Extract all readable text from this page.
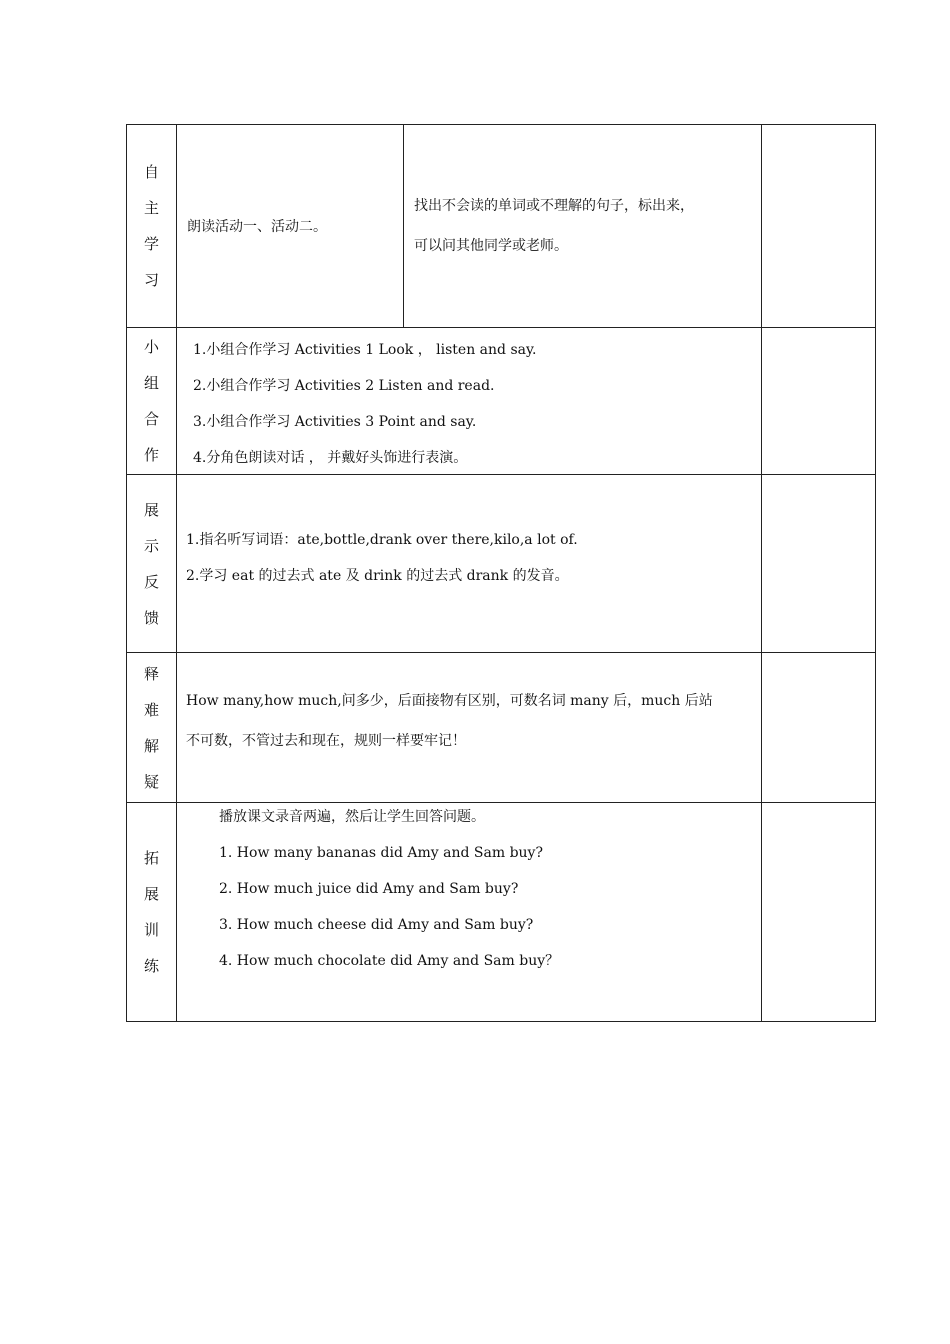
自
主
学
习
朗读活动一、活动二。

找出不会读的单词或不理解的句子，标出来，

可以问其他同学或老师。

小
组
合
作

1.小组合作学习 Activities 1 Look ， listen and say.

2.小组合作学习 Activities 2 Listen and read.

3.小组合作学习 Activities 3 Point and say.

4.分角色朗读对话 ， 并戴好头饰进行表演。

展
示
反
馈

1.指名听写词语：ate,bottle,drank over there,kilo,a lot of.

2.学习 eat 的过去式 ate 及 drink 的过去式 drank 的发音。

释
难
解
疑

How many,how much,问多少，后面接物有区别，可数名词 many 后，much 后站

不可数，不管过去和现在，规则一样要牢记！

拓
展
训
练

播放课文录音两遍，然后让学生回答问题。

1. How many bananas did Amy and Sam buy?

2. How much juice did Amy and Sam buy?

3. How much cheese did Amy and Sam buy?

4. How much chocolate did Amy and Sam buy？
